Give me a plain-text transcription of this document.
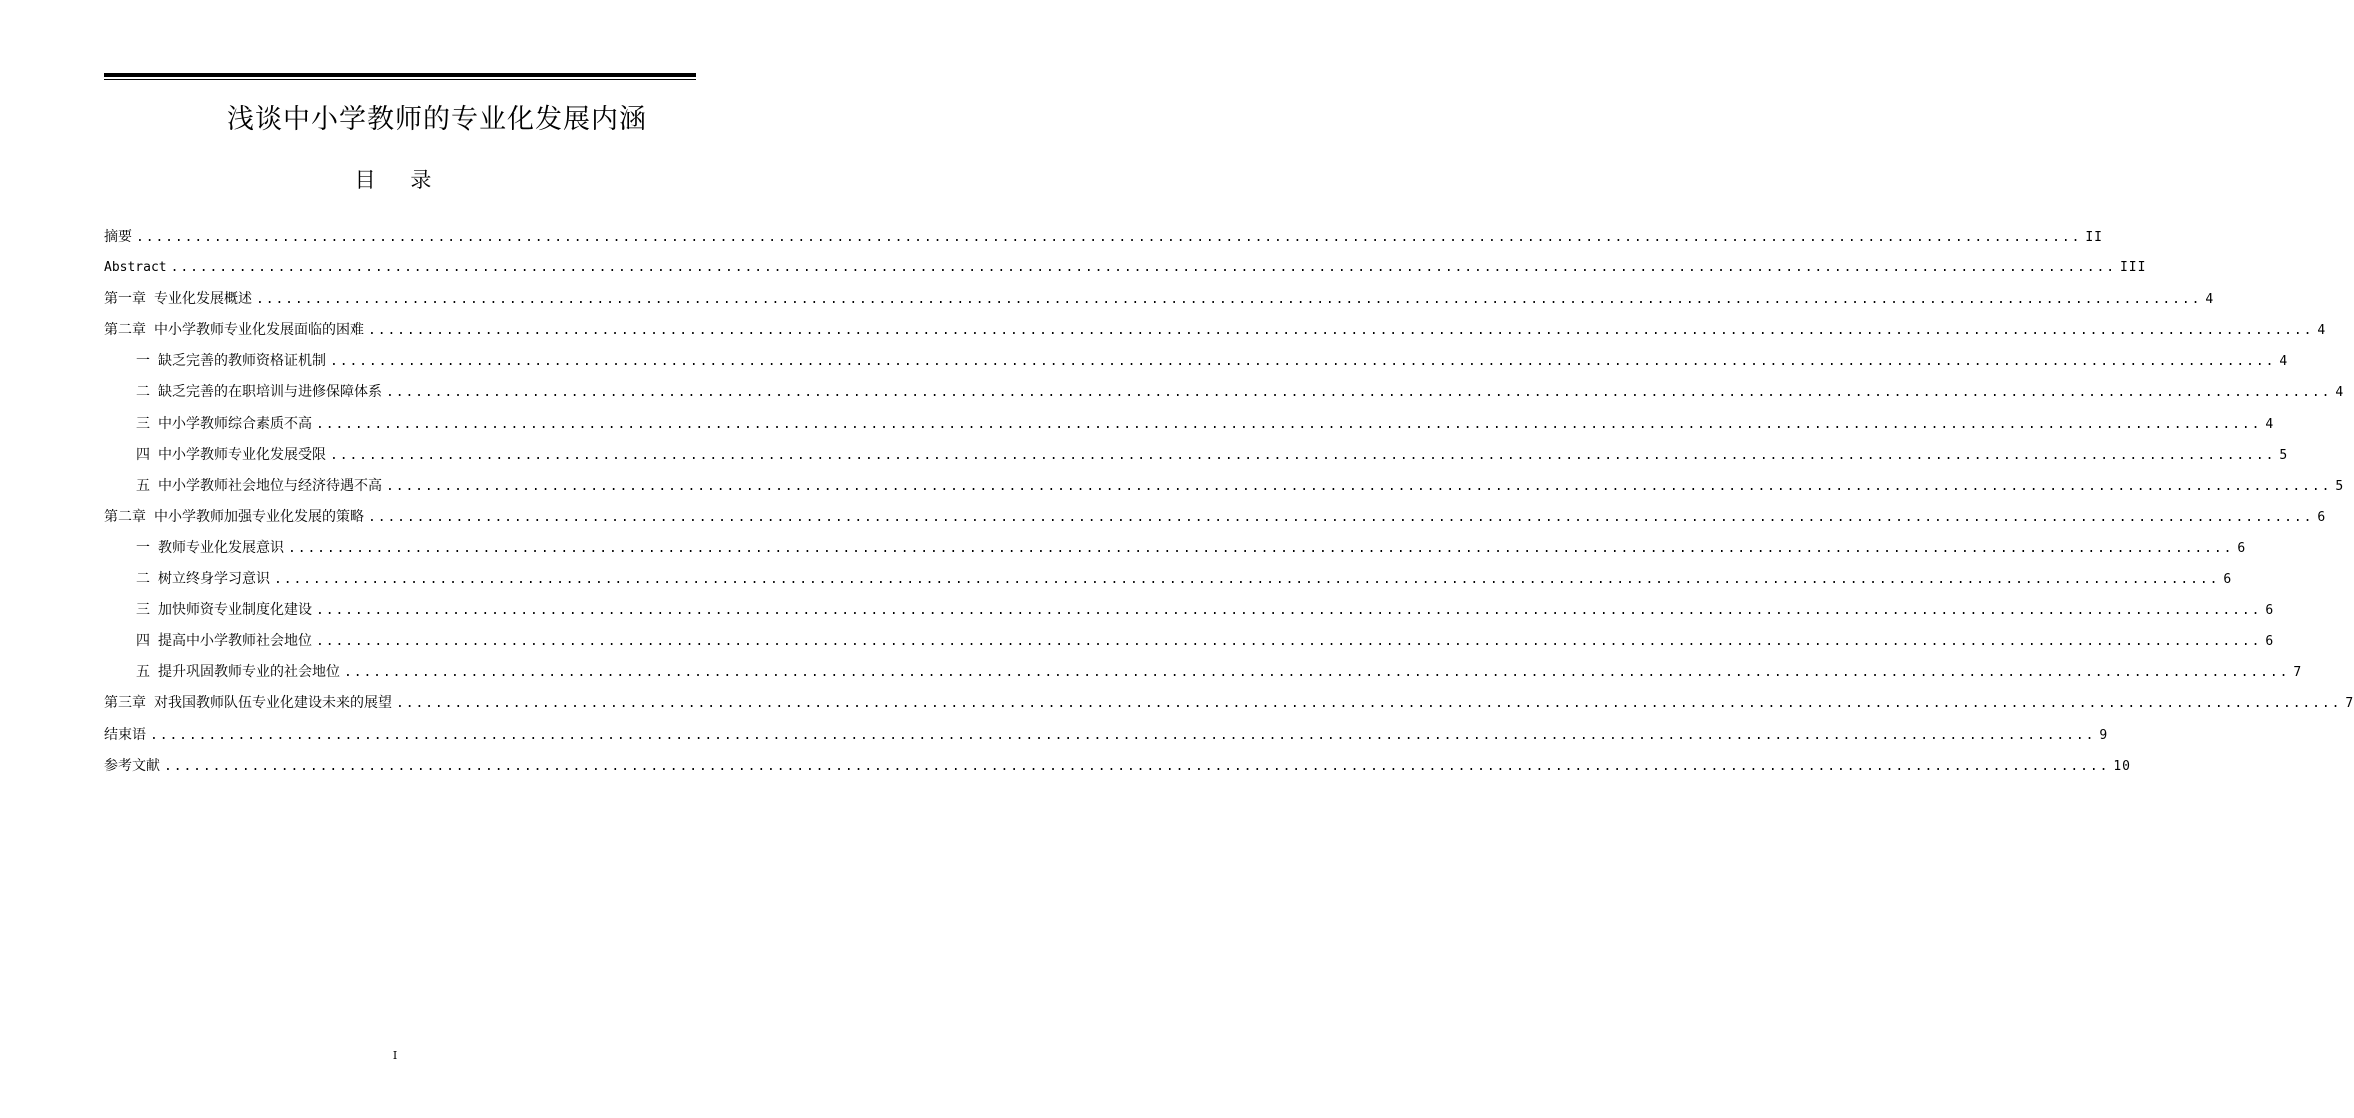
浅谈中小学教师的专业化发展内涵
目 录
摘要 ........................................................................................................................................................................................................ II
Abstract ........................................................................................................................................................................................................ III
第一章 专业化发展概述 ........................................................................................................................................................................................................ 4
第二章 中小学教师专业化发展面临的困难 ........................................................................................................................................................................................................ 4
一 缺乏完善的教师资格证机制 ........................................................................................................................................................................................................ 4
二 缺乏完善的在职培训与进修保障体系 ........................................................................................................................................................................................................ 4
三 中小学教师综合素质不高 ........................................................................................................................................................................................................ 4
四 中小学教师专业化发展受限 ........................................................................................................................................................................................................ 5
五 中小学教师社会地位与经济待遇不高 ........................................................................................................................................................................................................ 5
第二章 中小学教师加强专业化发展的策略 ........................................................................................................................................................................................................ 6
一 教师专业化发展意识 ........................................................................................................................................................................................................ 6
二 树立终身学习意识 ........................................................................................................................................................................................................ 6
三 加快师资专业制度化建设 ........................................................................................................................................................................................................ 6
四 提高中小学教师社会地位 ........................................................................................................................................................................................................ 6
五 提升巩固教师专业的社会地位 ........................................................................................................................................................................................................ 7
第三章 对我国教师队伍专业化建设未来的展望 ........................................................................................................................................................................................................ 7
结束语 ........................................................................................................................................................................................................ 9
参考文献 ........................................................................................................................................................................................................ 10
I
